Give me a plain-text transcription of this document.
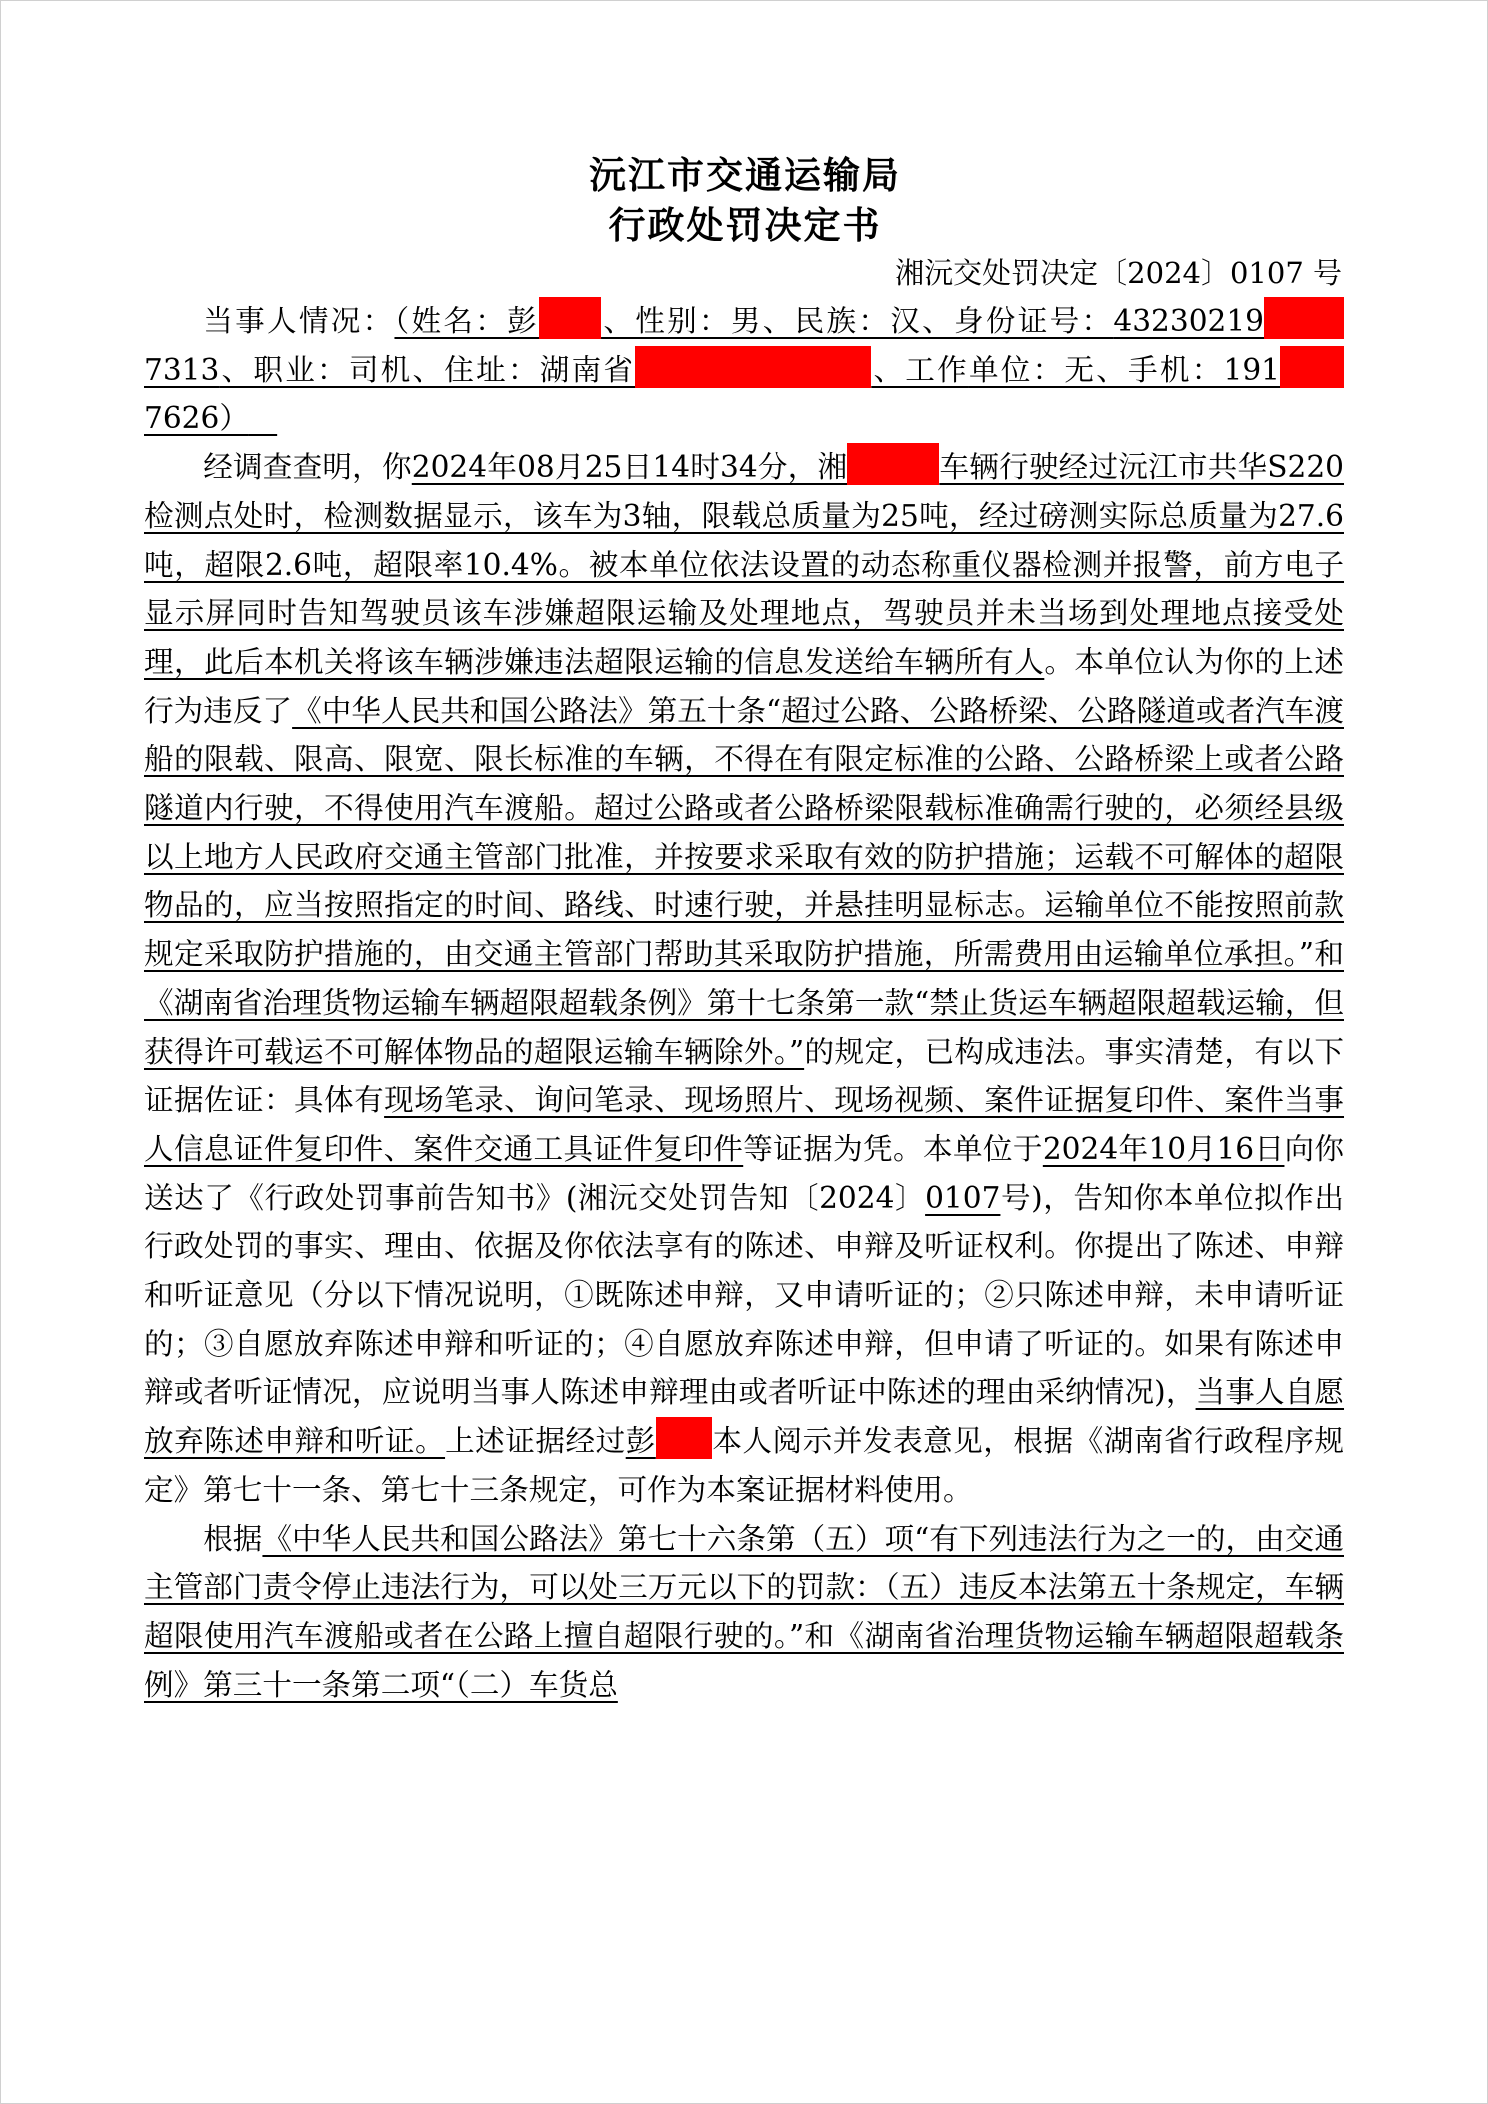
沅江市交通运输局
行政处罚决定书
湘沅交处罚决定〔2024〕0107 号

当事人情况：（姓名：彭 、性别：男、民族：汉、身份证号：432302197313、职业：司机、住址：湖南省	、工作单位：无、手机：1917626）

经调查查明，你2024年08月25日14时34分，湘	车辆行驶经过沅江市共华S220检测点处时，检测数据显示，该车为3轴，限载总质量为25吨，经过磅测实际总质量为27.6吨，超限2.6吨，超限率10.4%。被本单位依法设置的动态称重仪器检测并报警，前方电子显示屏同时告知驾驶员该车涉嫌超限运输及处理地点，驾驶员并未当场到处理地点接受处理，此后本机关将该车辆涉嫌违法超限运输的信息发送给车辆所有人。本单位认为你的上述行为违反了《中华人民共和国公路法》第五十条“超过公路、公路桥梁、公路隧道或者汽车渡船的限载、限高、限宽、限长标准的车辆，不得在有限定标准的公路、公路桥梁上或者公路隧道内行驶，不得使用汽车渡船。超过公路或者公路桥梁限载标准确需行驶的，必须经县级以上地方人民政府交通主管部门批准，并按要求采取有效的防护措施；运载不可解体的超限物品的，应当按照指定的时间、路线、时速行驶，并悬挂明显标志。运输单位不能按照前款规定采取防护措施的，由交通主管部门帮助其采取防护措施，所需费用由运输单位承担。”和《湖南省治理货物运输车辆超限超载条例》第十七条第一款“禁止货运车辆超限超载运输，但获得许可载运不可解体物品的超限运输车辆除外。”的规定，已构成违法。事实清楚，有以下证据佐证：具体有现场笔录、询问笔录、现场照片、现场视频、案件证据复印件、案件当事人信息证件复印件、案件交通工具证件复印件等证据为凭。本单位于2024年10月16日向你送达了《行政处罚事前告知书》(湘沅交处罚告知〔2024〕0107号)，告知你本单位拟作出行政处罚的事实、理由、依据及你依法享有的陈述、申辩及听证权利。你提出了陈述、申辩和听证意见（分以下情况说明，①既陈述申辩，又申请听证的；②只陈述申辩，未申请听证的；③自愿放弃陈述申辩和听证的；④自愿放弃陈述申辩，但申请了听证的。如果有陈述申辩或者听证情况，应说明当事人陈述申辩理由或者听证中陈述的理由采纳情况)，当事人自愿放弃陈述申辩和听证。上述证据经过彭 本人阅示并发表意见，根据《湖南省行政程序规定》第七十一条、第七十三条规定，可作为本案证据材料使用。

根据《中华人民共和国公路法》第七十六条第（五）项“有下列违法行为之一的，由交通主管部门责令停止违法行为，可以处三万元以下的罚款：（五）违反本法第五十条规定，车辆超限使用汽车渡船或者在公路上擅自超限行驶的。”和《湖南省治理货物运输车辆超限超载条例》第三十一条第二项“（二）车货总
